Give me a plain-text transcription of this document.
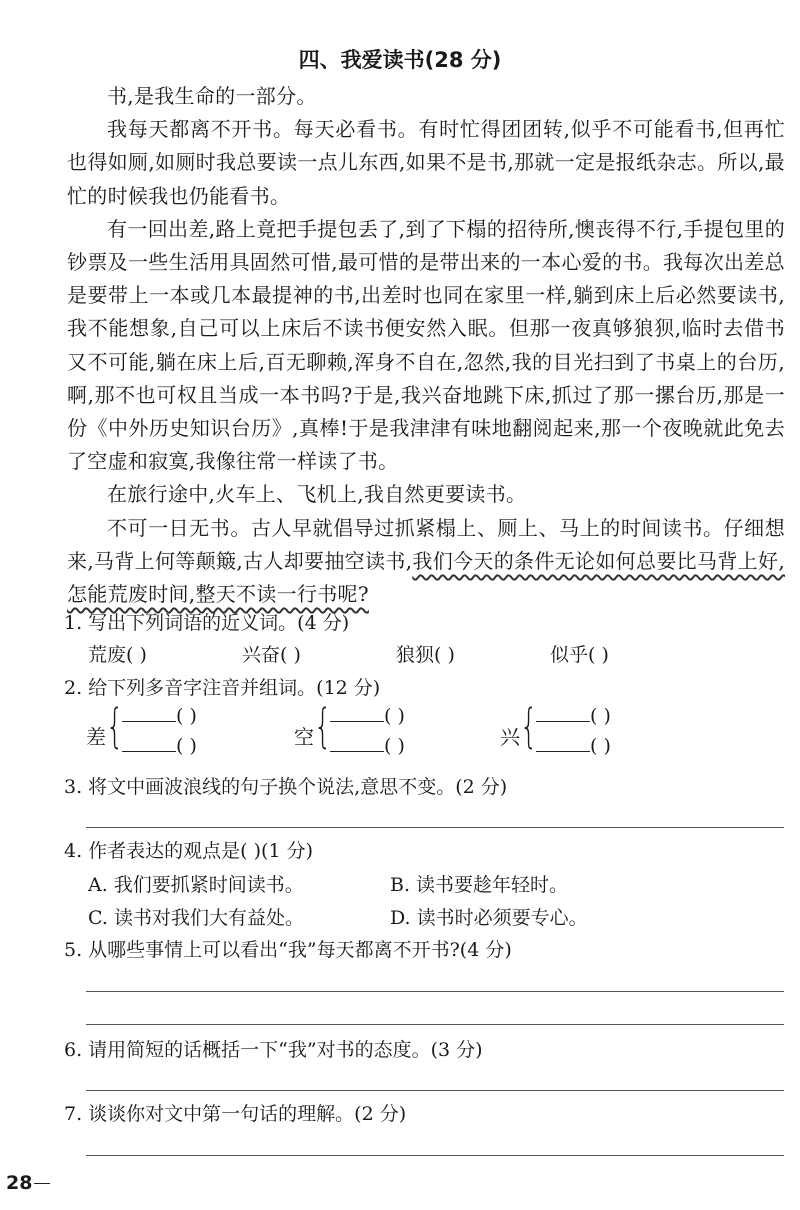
四、我爱读书(28 分)

书,是我生命的一部分。

我每天都离不开书。每天必看书。有时忙得团团转,似乎不可能看书,但再忙也得如厕,如厕时我总要读一点儿东西,如果不是书,那就一定是报纸杂志。所以,最忙的时候我也仍能看书。

有一回出差,路上竟把手提包丢了,到了下榻的招待所,懊丧得不行,手提包里的钞票及一些生活用具固然可惜,最可惜的是带出来的一本心爱的书。我每次出差总是要带上一本或几本最提神的书,出差时也同在家里一样,躺到床上后必然要读书,我不能想象,自己可以上床后不读书便安然入眠。但那一夜真够狼狈,临时去借书又不可能,躺在床上后,百无聊赖,浑身不自在,忽然,我的目光扫到了书桌上的台历,啊,那不也可权且当成一本书吗?于是,我兴奋地跳下床,抓过了那一摞台历,那是一份《中外历史知识台历》,真棒!于是我津津有味地翻阅起来,那一个夜晚就此免去了空虚和寂寞,我像往常一样读了书。

在旅行途中,火车上、飞机上,我自然更要读书。

不可一日无书。古人早就倡导过抓紧榻上、厕上、马上的时间读书。仔细想来,马背上何等颠簸,古人却要抽空读书,我们今天的条件无论如何总要比马背上好,怎能荒废时间,整天不读一行书呢?

1. 写出下列词语的近义词。(4 分)
荒废( )	兴奋( )	狼狈( )	似乎( )
2. 给下列多音字注音并组词。(12 分)
差 {	( )
( )	空 {	( )
( )	兴 {	( )
( )
3. 将文中画波浪线的句子换个说法,意思不变。(2 分)
4. 作者表达的观点是( )(1 分)
A. 我们要抓紧时间读书。	B. 读书要趁年轻时。
C. 读书对我们大有益处。	D. 读书时必须要专心。
5. 从哪些事情上可以看出“我”每天都离不开书?(4 分)
6. 请用简短的话概括一下“我”对书的态度。(3 分)
7. 谈谈你对文中第一句话的理解。(2 分)
28
